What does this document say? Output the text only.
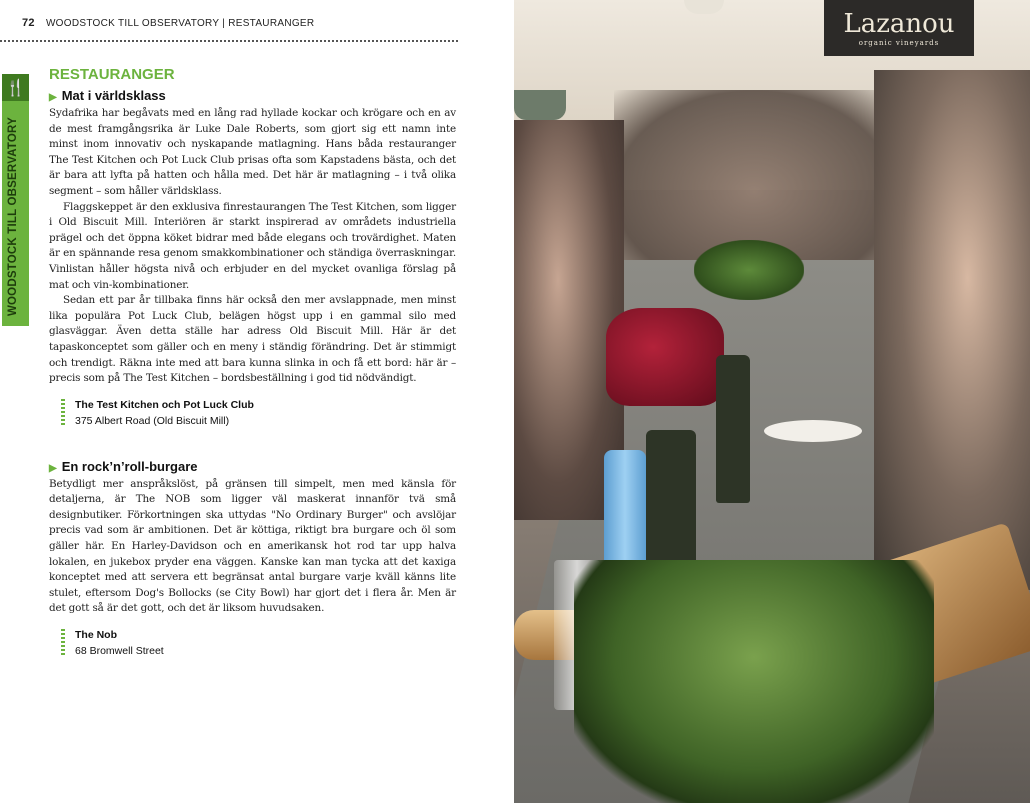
72 WOODSTOCK TILL OBSERVATORY | RESTAURANGER
🍴
WOODSTOCK TILL OBSERVATORY
RESTAURANGER
▶ Mat i världsklass

Sydafrika har begåvats med en lång rad hyllade kockar och krögare och en av de mest framgångsrika är Luke Dale Roberts, som gjort sig ett namn inte minst inom innovativ och nyskapande matlagning. Hans båda restauranger The Test Kitchen och Pot Luck Club prisas ofta som Kapstadens bästa, och det är bara att lyfta på hatten och hålla med. Det här är matlagning – i två olika segment – som håller världsklass.

Flaggskeppet är den exklusiva finrestaurangen The Test Kitchen, som ligger i Old Biscuit Mill. Interiören är starkt inspirerad av områdets industriella prägel och det öppna köket bidrar med både elegans och trovärdighet. Maten är en spännande resa genom smakkombinationer och ständiga överraskningar. Vinlistan håller högsta nivå och erbjuder en del mycket ovanliga förslag på mat och vin-kombinationer.

Sedan ett par år tillbaka finns här också den mer avslappnade, men minst lika populära Pot Luck Club, belägen högst upp i en gammal silo med glasväggar. Även detta ställe har adress Old Biscuit Mill. Här är det tapaskonceptet som gäller och en meny i ständig förändring. Det är stimmigt och trendigt. Räkna inte med att bara kunna slinka in och få ett bord: här är – precis som på The Test Kitchen – bordsbeställning i god tid nödvändigt.

The Test Kitchen och Pot Luck Club
375 Albert Road (Old Biscuit Mill)
▶ En rock’n’roll-burgare

Betydligt mer anspråkslöst, på gränsen till simpelt, men med känsla för detaljerna, är The NOB som ligger väl maskerat innanför tvä små designbutiker. Förkortningen ska uttydas "No Ordinary Burger" och avslöjar precis vad som är ambitionen. Det är köttiga, riktigt bra burgare och öl som gäller här. En Harley-Davidson och en amerikansk hot rod tar upp halva lokalen, en jukebox pryder ena väggen. Kanske kan man tycka att det kaxiga konceptet med att servera ett begränsat antal burgare varje kväll känns lite stulet, eftersom Dog's Bollocks (se City Bowl) har gjort det i flera år. Men är det gott så är det gott, och det är liksom huvudsaken.

The Nob
68 Bromwell Street
Lazanou
organic vineyards
